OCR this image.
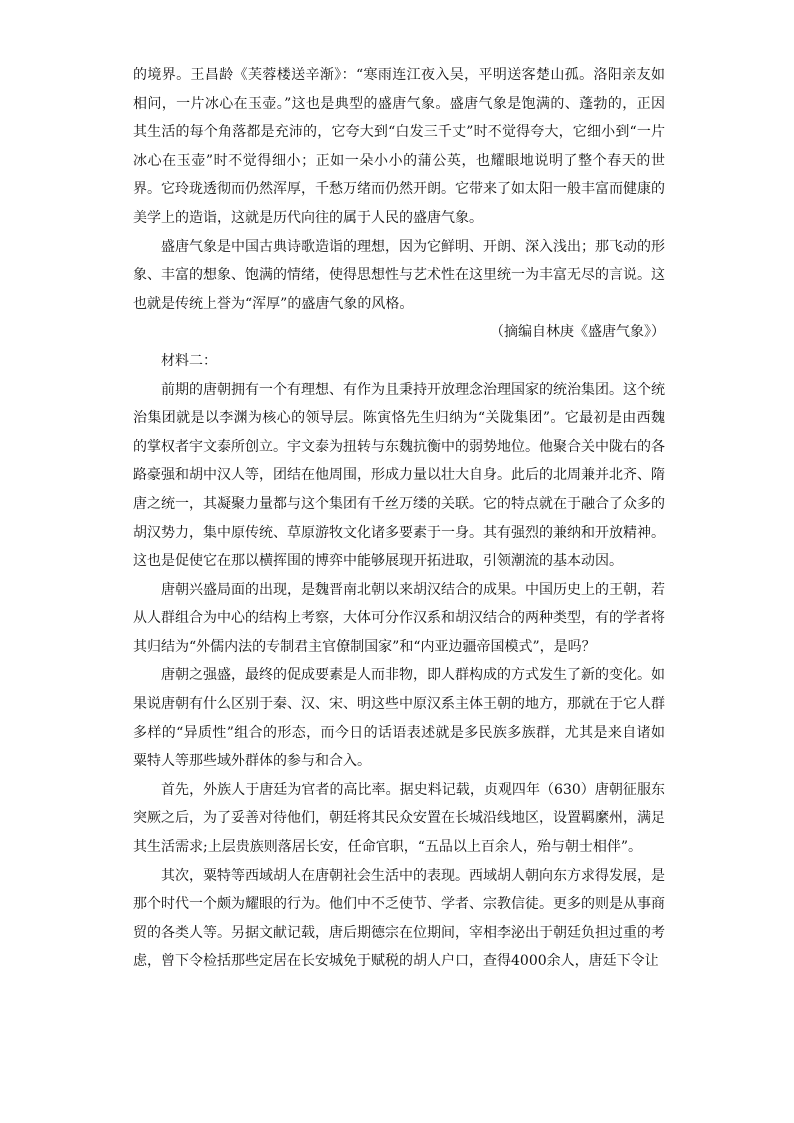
的境界。王昌龄《芙蓉楼送辛渐》：“寒雨连江夜入吴，平明送客楚山孤。洛阳亲友如相问，一片冰心在玉壶。”这也是典型的盛唐气象。盛唐气象是饱满的、蓬勃的，正因其生活的每个角落都是充沛的，它夸大到“白发三千丈”时不觉得夸大，它细小到“一片冰心在玉壶”时不觉得细小；正如一朵小小的蒲公英，也耀眼地说明了整个春天的世界。它玲珑透彻而仍然浑厚，千愁万绪而仍然开朗。它带来了如太阳一般丰富而健康的美学上的造诣，这就是历代向往的属于人民的盛唐气象。

盛唐气象是中国古典诗歌造诣的理想，因为它鲜明、开朗、深入浅出；那飞动的形象、丰富的想象、饱满的情绪，使得思想性与艺术性在这里统一为丰富无尽的言说。这也就是传统上誉为“浑厚”的盛唐气象的风格。

（摘编自林庚《盛唐气象》）

材料二：

前期的唐朝拥有一个有理想、有作为且秉持开放理念治理国家的统治集团。这个统治集团就是以李渊为核心的领导层。陈寅恪先生归纳为“关陇集团”。它最初是由西魏的掌权者宇文泰所创立。宇文泰为扭转与东魏抗衡中的弱势地位。他聚合关中陇右的各路豪强和胡中汉人等，团结在他周围，形成力量以壮大自身。此后的北周兼并北齐、隋唐之统一，其凝聚力量都与这个集团有千丝万缕的关联。它的特点就在于融合了众多的胡汉势力，集中原传统、草原游牧文化诸多要素于一身。其有强烈的兼纳和开放精神。这也是促使它在那以横挥围的博弈中能够展现开拓进取，引领潮流的基本动因。

唐朝兴盛局面的出现，是魏晋南北朝以来胡汉结合的成果。中国历史上的王朝，若从人群组合为中心的结构上考察，大体可分作汉系和胡汉结合的两种类型，有的学者将其归结为“外儒内法的专制君主官僚制国家”和“内亚边疆帝国模式”，是吗？

唐朝之强盛，最终的促成要素是人而非物，即人群构成的方式发生了新的变化。如果说唐朝有什么区别于秦、汉、宋、明这些中原汉系主体王朝的地方，那就在于它人群多样的“异质性”组合的形态，而今日的话语表述就是多民族多族群，尤其是来自诸如粟特人等那些域外群体的参与和合入。

首先，外族人于唐廷为官者的高比率。据史料记载，贞观四年（630）唐朝征服东突厥之后，为了妥善对待他们，朝廷将其民众安置在长城沿线地区，设置羁縻州，满足其生活需求;上层贵族则落居长安，任命官职，“五品以上百余人，殆与朝士相伴”。

其次，粟特等西域胡人在唐朝社会生活中的表现。西域胡人朝向东方求得发展，是那个时代一个颇为耀眼的行为。他们中不乏使节、学者、宗教信徒。更多的则是从事商贸的各类人等。另据文献记载，唐后期德宗在位期间，宰相李泌出于朝廷负担过重的考虑，曾下令检括那些定居在长安城免于赋税的胡人户口，查得4000余人，唐廷下令让
